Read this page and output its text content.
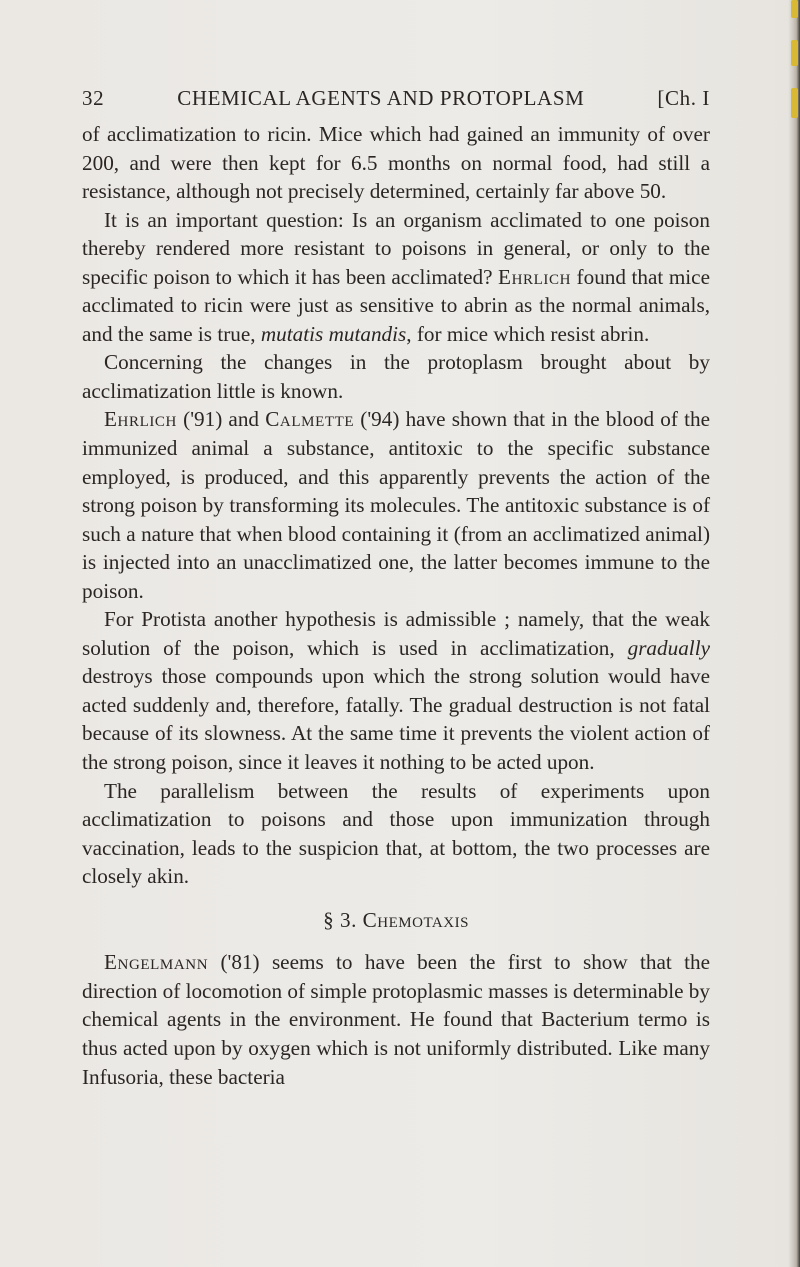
32	CHEMICAL AGENTS AND PROTOPLASM	[Ch. I

of acclimatization to ricin. Mice which had gained an immunity of over 200, and were then kept for 6.5 months on normal food, had still a resistance, although not precisely determined, certainly far above 50.

It is an important question: Is an organism acclimated to one poison thereby rendered more resistant to poisons in general, or only to the specific poison to which it has been acclimated? Ehrlich found that mice acclimated to ricin were just as sensitive to abrin as the normal animals, and the same is true, mutatis mutandis, for mice which resist abrin.

Concerning the changes in the protoplasm brought about by acclimatization little is known.

Ehrlich ('91) and Calmette ('94) have shown that in the blood of the immunized animal a substance, antitoxic to the specific substance employed, is produced, and this apparently prevents the action of the strong poison by transforming its molecules. The antitoxic substance is of such a nature that when blood containing it (from an acclimatized animal) is injected into an unacclimatized one, the latter becomes immune to the poison.

For Protista another hypothesis is admissible ; namely, that the weak solution of the poison, which is used in acclimatization, gradually destroys those compounds upon which the strong solution would have acted suddenly and, therefore, fatally. The gradual destruction is not fatal because of its slowness. At the same time it prevents the violent action of the strong poison, since it leaves it nothing to be acted upon.

The parallelism between the results of experiments upon acclimatization to poisons and those upon immunization through vaccination, leads to the suspicion that, at bottom, the two processes are closely akin.

§ 3. Chemotaxis

Engelmann ('81) seems to have been the first to show that the direction of locomotion of simple protoplasmic masses is determinable by chemical agents in the environment. He found that Bacterium termo is thus acted upon by oxygen which is not uniformly distributed. Like many Infusoria, these bacteria
